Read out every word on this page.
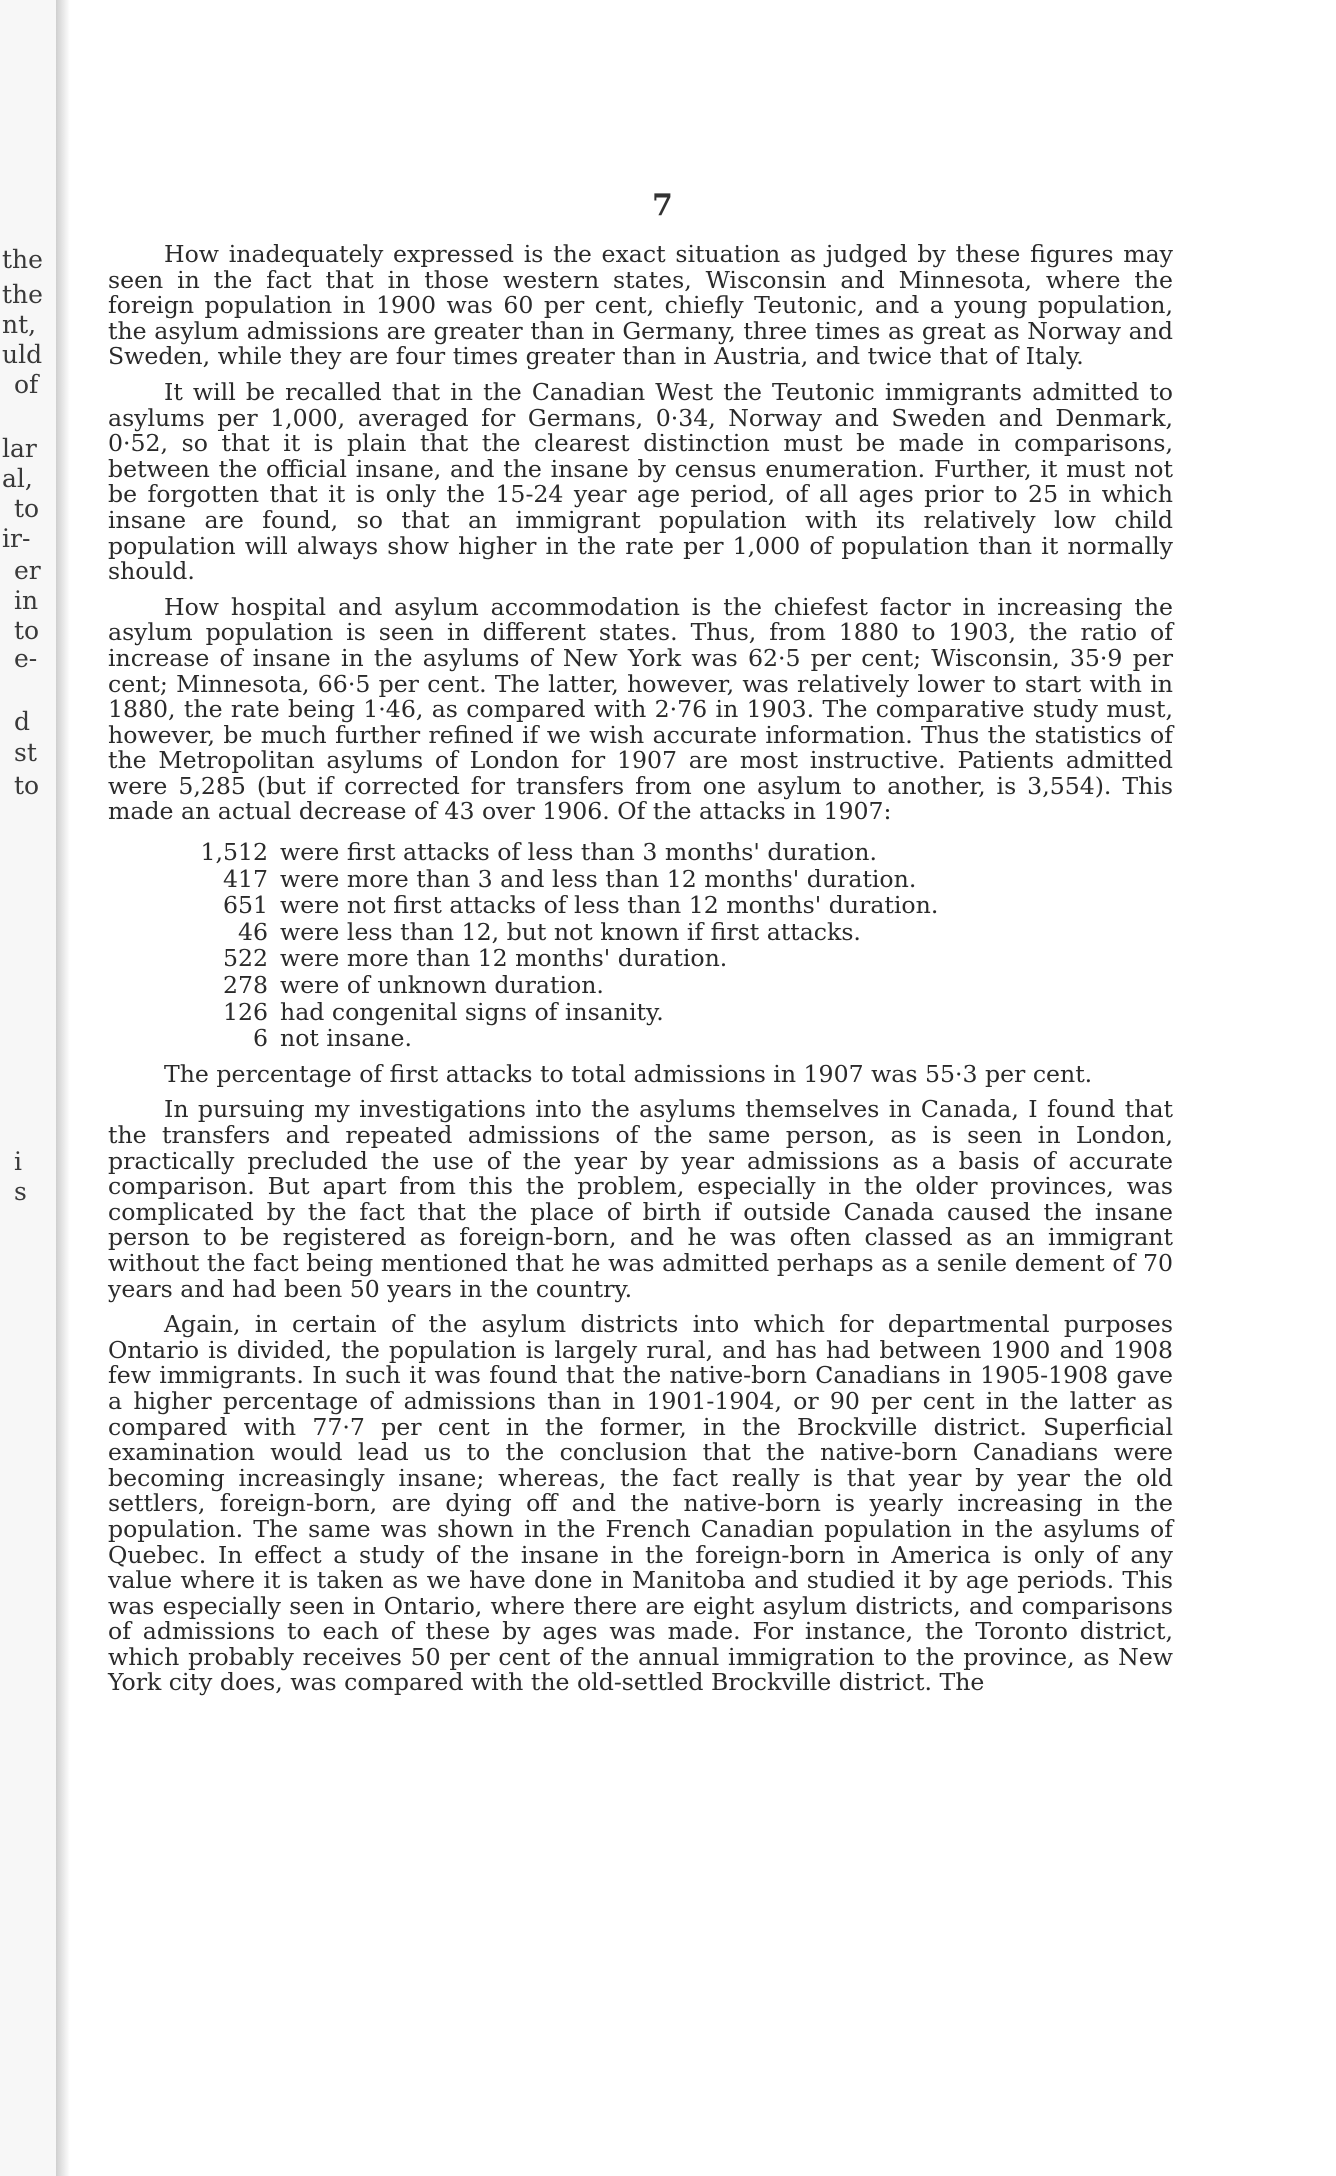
the
the
nt,
uld
of
lar
al,
to
ir-
er
in
to
e-
d
st
to
i
s
7

How inadequately expressed is the exact situation as judged by these figures may seen in the fact that in those western states, Wisconsin and Minnesota, where the foreign population in 1900 was 60 per cent, chiefly Teutonic, and a young population, the asylum admissions are greater than in Germany, three times as great as Norway and Sweden, while they are four times greater than in Austria, and twice that of Italy.

It will be recalled that in the Canadian West the Teutonic immigrants admitted to asylums per 1,000, averaged for Germans, 0·34, Norway and Sweden and Denmark, 0·52, so that it is plain that the clearest distinction must be made in comparisons, between the official insane, and the insane by census enumeration. Further, it must not be forgotten that it is only the 15-24 year age period, of all ages prior to 25 in which insane are found, so that an immigrant population with its relatively low child population will always show higher in the rate per 1,000 of population than it normally should.

How hospital and asylum accommodation is the chiefest factor in increasing the asylum population is seen in different states. Thus, from 1880 to 1903, the ratio of increase of insane in the asylums of New York was 62·5 per cent; Wisconsin, 35·9 per cent; Minnesota, 66·5 per cent. The latter, however, was relatively lower to start with in 1880, the rate being 1·46, as compared with 2·76 in 1903. The comparative study must, however, be much further refined if we wish accurate information. Thus the statistics of the Metropolitan asylums of London for 1907 are most instructive. Patients admitted were 5,285 (but if corrected for transfers from one asylum to another, is 3,554). This made an actual decrease of 43 over 1906. Of the attacks in 1907:

1,512 were first attacks of less than 3 months' duration.
417 were more than 3 and less than 12 months' duration.
651 were not first attacks of less than 12 months' duration.
46 were less than 12, but not known if first attacks.
522 were more than 12 months' duration.
278 were of unknown duration.
126 had congenital signs of insanity.
6 not insane.

The percentage of first attacks to total admissions in 1907 was 55·3 per cent.

In pursuing my investigations into the asylums themselves in Canada, I found that the transfers and repeated admissions of the same person, as is seen in London, practically precluded the use of the year by year admissions as a basis of accurate comparison. But apart from this the problem, especially in the older provinces, was complicated by the fact that the place of birth if outside Canada caused the insane person to be registered as foreign-born, and he was often classed as an immigrant without the fact being mentioned that he was admitted perhaps as a senile dement of 70 years and had been 50 years in the country.

Again, in certain of the asylum districts into which for departmental purposes Ontario is divided, the population is largely rural, and has had between 1900 and 1908 few immigrants. In such it was found that the native-born Canadians in 1905-1908 gave a higher percentage of admissions than in 1901-1904, or 90 per cent in the latter as compared with 77·7 per cent in the former, in the Brockville district. Superficial examination would lead us to the conclusion that the native-born Canadians were becoming increasingly insane; whereas, the fact really is that year by year the old settlers, foreign-born, are dying off and the native-born is yearly increasing in the population. The same was shown in the French Canadian population in the asylums of Quebec. In effect a study of the insane in the foreign-born in America is only of any value where it is taken as we have done in Manitoba and studied it by age periods. This was especially seen in Ontario, where there are eight asylum districts, and comparisons of admissions to each of these by ages was made. For instance, the Toronto district, which probably receives 50 per cent of the annual immigration to the province, as New York city does, was compared with the old-settled Brockville district. The
